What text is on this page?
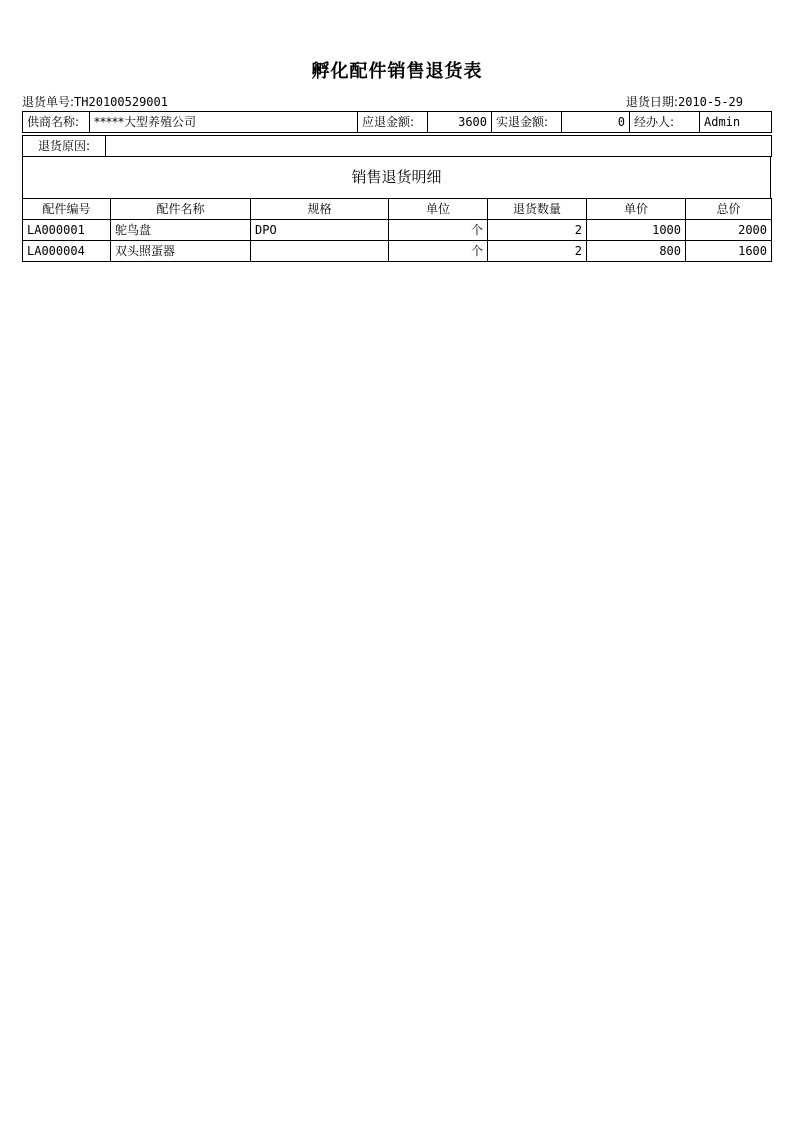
孵化配件销售退货表
退货单号:TH20100529001	退货日期:2010-5-29
供商名称:	*****大型养殖公司	应退金额:	3600	实退金额:	0	经办人:	Admin
退货原因:	
销售退货明细
配件编号	配件名称	规格	单位	退货数量	单价	总价
LA000001	鸵鸟盘	DPO	个	2	1000	2000
LA000004	双头照蛋器		个	2	800	1600
